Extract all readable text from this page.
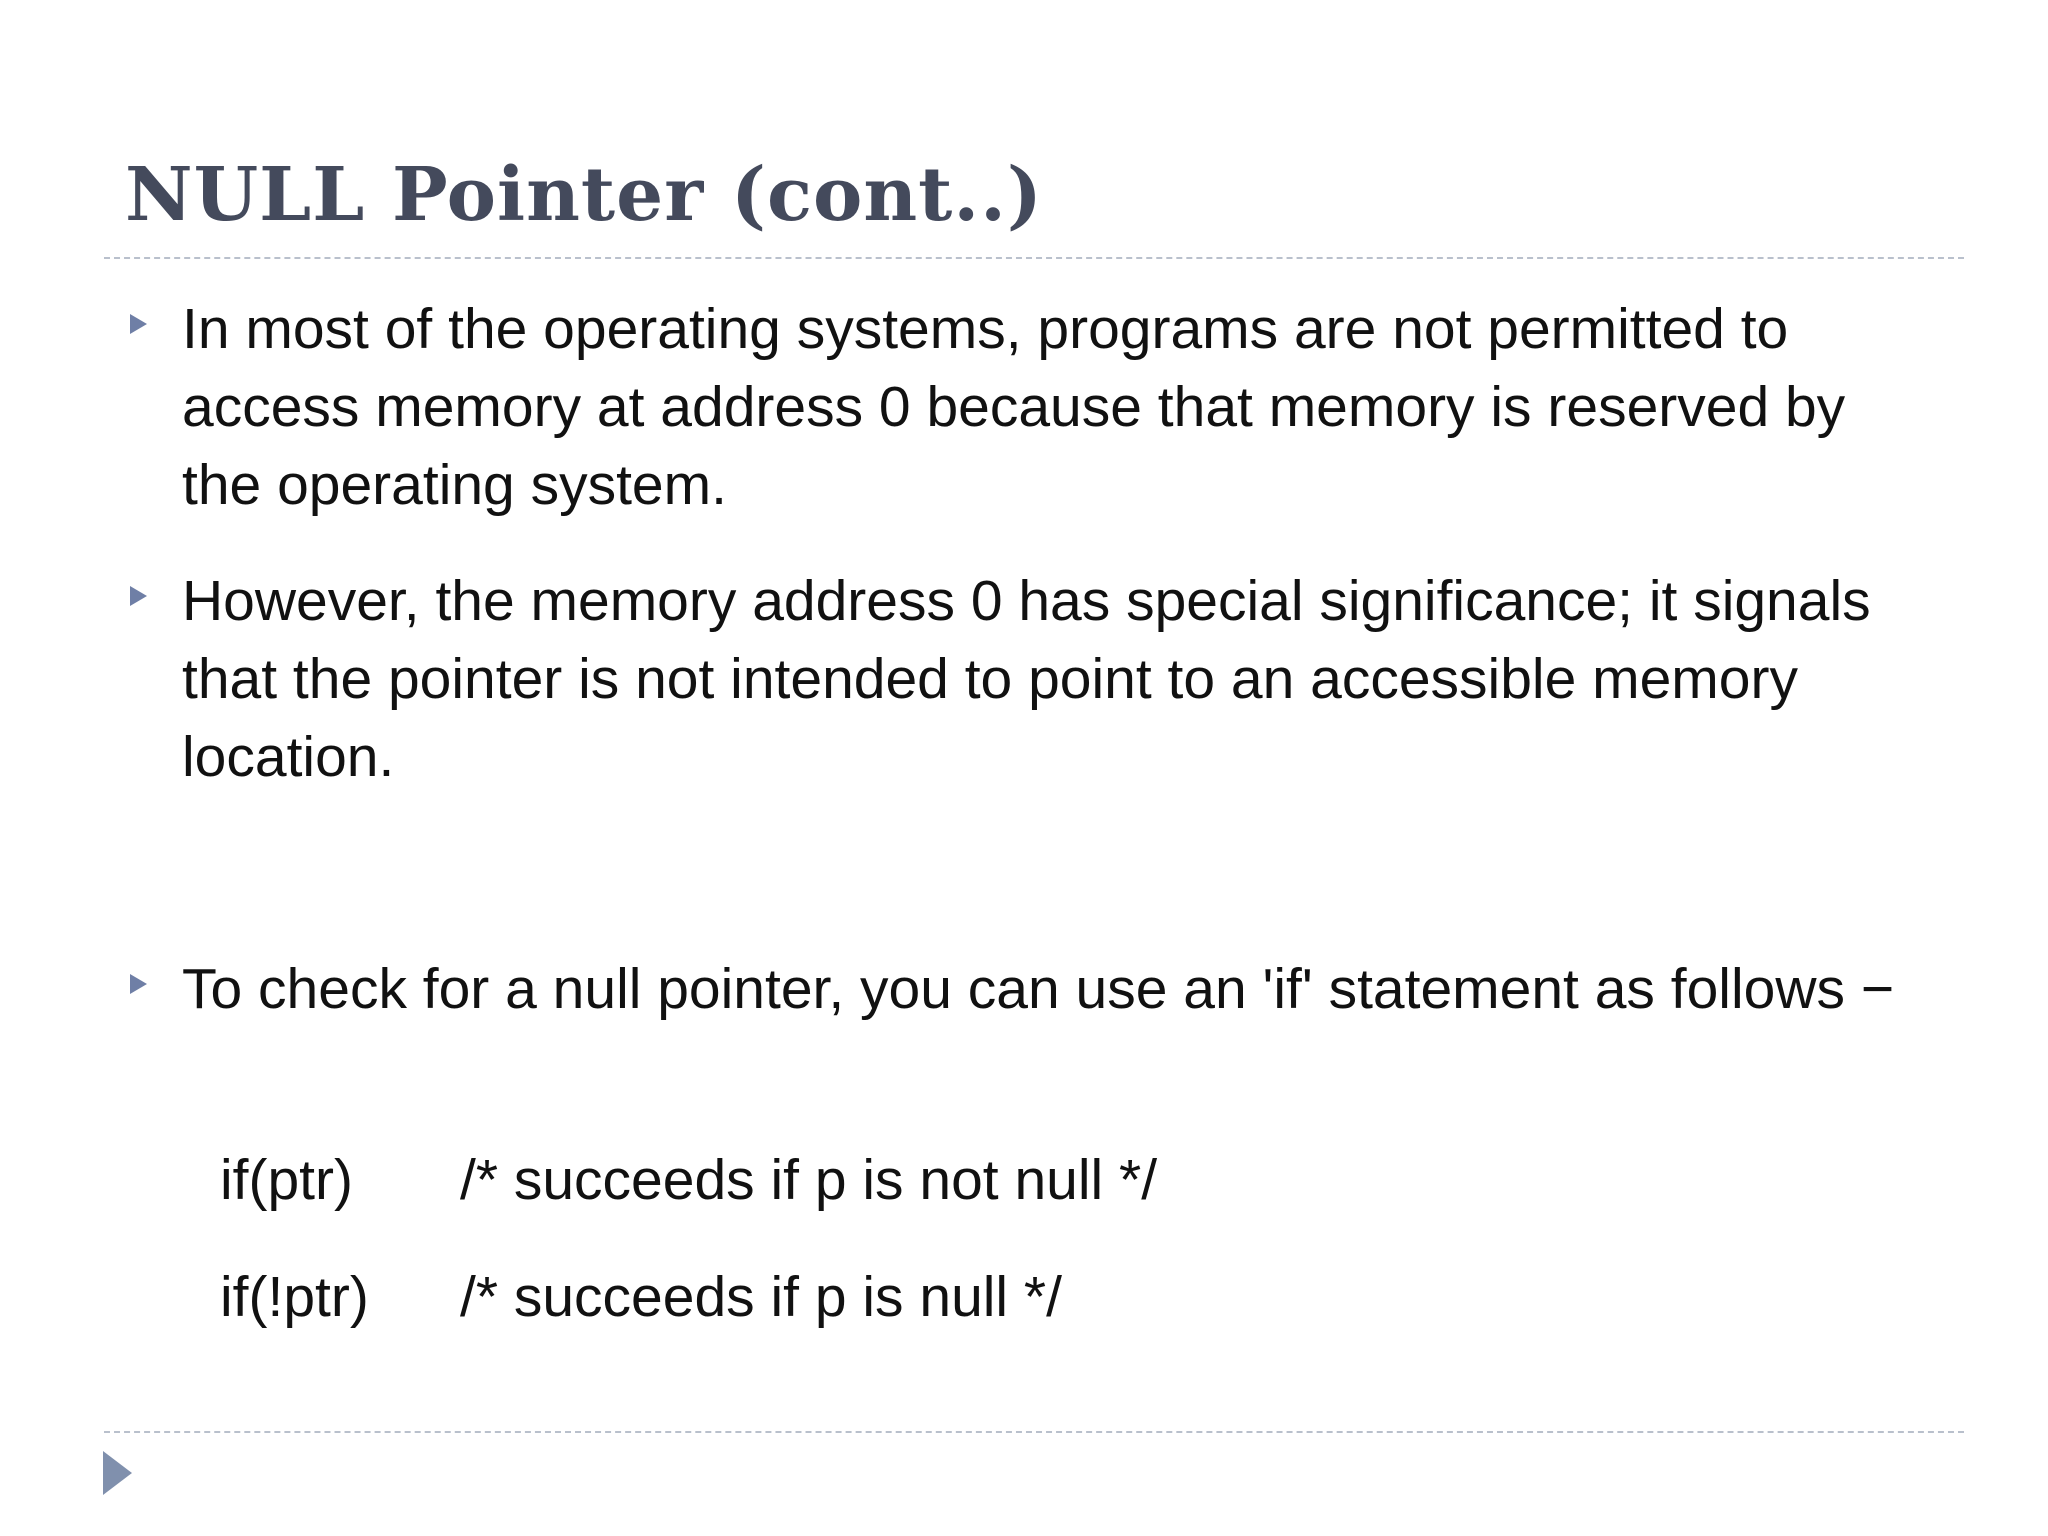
NULL Pointer (cont..)
In most of the operating systems, programs are not permitted to access memory at address 0 because that memory is reserved by the operating system.
However, the memory address 0 has special significance; it signals that the pointer is not intended to point to an accessible memory location.
To check for a null pointer, you can use an 'if' statement as follows −
if(ptr) /* succeeds if p is not null */
if(!ptr) /* succeeds if p is null */
